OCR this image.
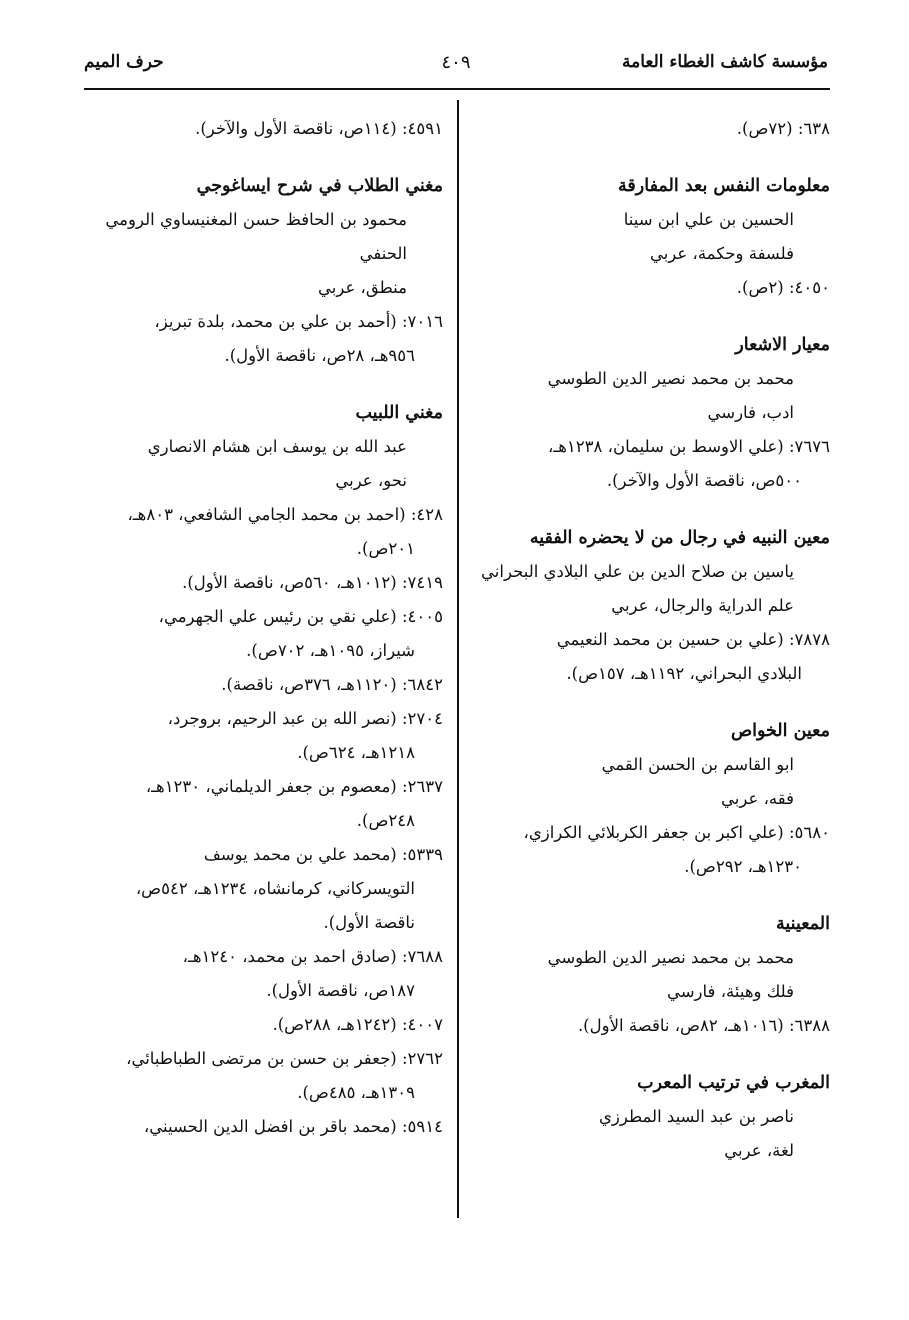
مؤسسة كاشف الغطاء العامة
٤٠٩
حرف الميم
٦٣٨: (٧٢ص).
معلومات النفس بعد المفارقة
الحسين بن علي ابن سينا
فلسفة وحكمة، عربي
٤٠٥٠: (٢ص).
معيار الاشعار
محمد بن محمد نصير الدين الطوسي
ادب، فارسي
٧٦٧٦: (علي الاوسط بن سليمان، ١٢٣٨هـ،
٥٠٠ص، ناقصة الأول والآخر).
معين النبيه في رجال من لا يحضره الفقيه
ياسين بن صلاح الدين بن علي البلادي البحراني
علم الدراية والرجال، عربي
٧٨٧٨: (علي بن حسين بن محمد النعيمي
البلادي البحراني، ١١٩٢هـ، ١٥٧ص).
معين الخواص
ابو القاسم بن الحسن القمي
فقه، عربي
٥٦٨٠: (علي اكبر بن جعفر الكربلائي الكرازي،
١٢٣٠هـ، ٢٩٢ص).
المعينية
محمد بن محمد نصير الدين الطوسي
فلك وهيئة، فارسي
٦٣٨٨: (١٠١٦هـ، ٨٢ص، ناقصة الأول).
المغرب في ترتيب المعرب
ناصر بن عبد السيد المطرزي
لغة، عربي
٤٥٩١: (١١٤ص، ناقصة الأول والآخر).
مغني الطلاب في شرح ايساغوجي
محمود بن الحافظ حسن المغنيساوي الرومي الحنفي
منطق، عربي
٧٠١٦: (أحمد بن علي بن محمد، بلدة تبريز،
٩٥٦هـ، ٢٨ص، ناقصة الأول).
مغني اللبيب
عبد الله بن يوسف ابن هشام الانصاري
نحو، عربي
٤٢٨: (احمد بن محمد الجامي الشافعي، ٨٠٣هـ،
٢٠١ص).
٧٤١٩: (١٠١٢هـ، ٥٦٠ص، ناقصة الأول).
٤٠٠٥: (علي نقي بن رئيس علي الجهرمي،
شيراز، ١٠٩٥هـ، ٧٠٢ص).
٦٨٤٢: (١١٢٠هـ، ٣٧٦ص، ناقصة).
٢٧٠٤: (نصر الله بن عبد الرحيم، بروجرد،
١٢١٨هـ، ٦٢٤ص).
٢٦٣٧: (معصوم بن جعفر الديلماني، ١٢٣٠هـ،
٢٤٨ص).
٥٣٣٩: (محمد علي بن محمد يوسف
التويسركاني، كرمانشاه، ١٢٣٤هـ، ٥٤٢ص،
ناقصة الأول).
٧٦٨٨: (صادق احمد بن محمد، ١٢٤٠هـ،
١٨٧ص، ناقصة الأول).
٤٠٠٧: (١٢٤٢هـ، ٢٨٨ص).
٢٧٦٢: (جعفر بن حسن بن مرتضى الطباطبائي،
١٣٠٩هـ، ٤٨٥ص).
٥٩١٤: (محمد باقر بن افضل الدين الحسيني،
